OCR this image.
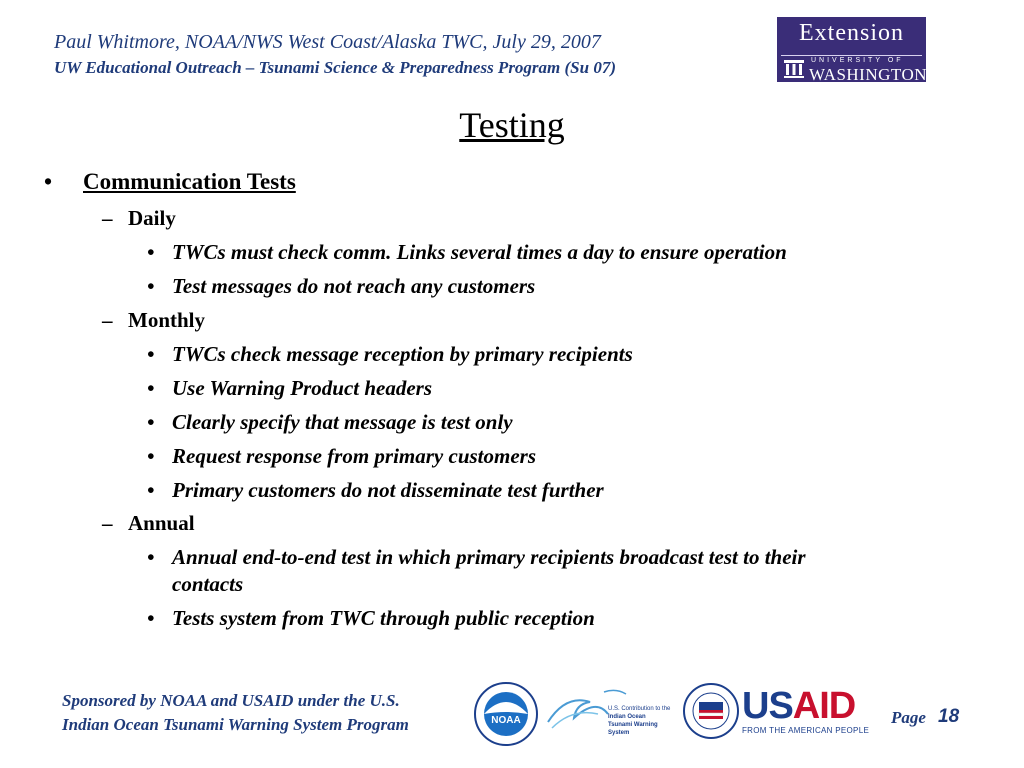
Paul Whitmore, NOAA/NWS West Coast/Alaska TWC, July 29, 2007
UW Educational Outreach – Tsunami Science & Preparedness Program (Su 07)
Extension
UNIVERSITY OF
WASHINGTON
Testing
• Communication Tests
– Daily
• TWCs must check comm. Links several times a day to ensure operation
• Test messages do not reach any customers
– Monthly
• TWCs check message reception by primary recipients
• Use Warning Product headers
• Clearly specify that message is test only
• Request response from primary customers
• Primary customers do not disseminate test further
– Annual
• Annual end-to-end test in which primary recipients broadcast test to their
contacts
• Tests system from TWC through public reception
Sponsored by NOAA and USAID under the U.S.
Indian Ocean Tsunami Warning System Program	NOAA
U.S. Contribution to the
Indian Ocean
Tsunami Warning
System
USAID
FROM THE AMERICAN PEOPLE
Page 18
